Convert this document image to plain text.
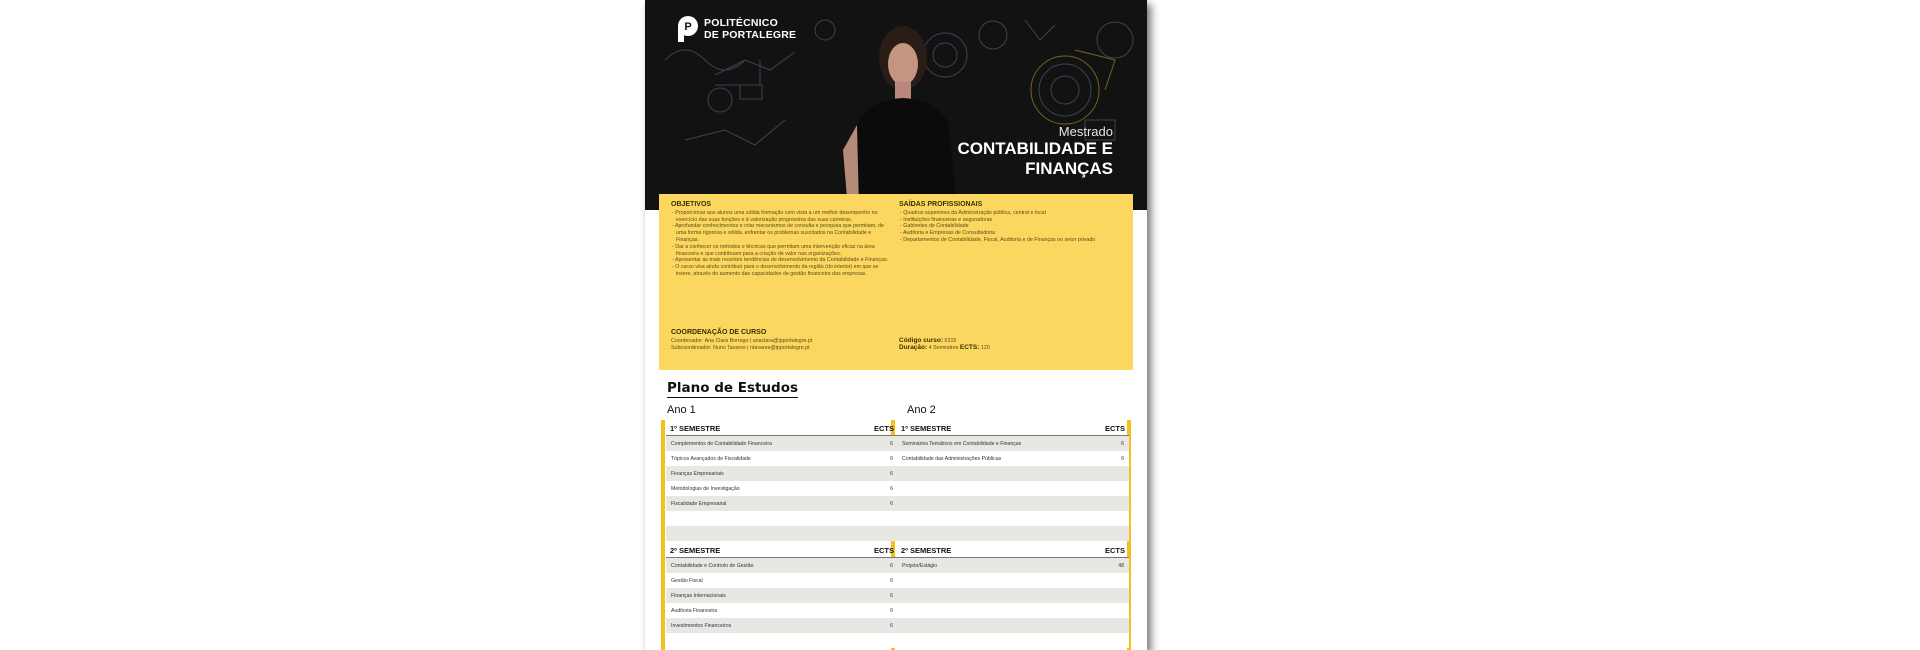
P POLITÉCNICO
DE PORTALEGRE
Mestrado
CONTABILIDADE E
FINANÇAS
OBJETIVOS
- Proporcionar aos alunos uma sólida formação com vista a um melhor desempenho no exercício das suas funções e à valorização progressiva das suas carreiras.
- Aprofundar conhecimentos e criar mecanismos de consulta e pesquisa que permitam, de uma forma rigorosa e sólida, enfrentar os problemas suscitados na Contabilidade e Finanças.
- Dar a conhecer os métodos e técnicas que permitam uma intervenção eficaz na área financeira e que contribuam para a criação de valor nas organizações.
- Apresentar as mais recentes tendências de desenvolvimento da Contabilidade e Finanças.
- O curso visa ainda contribuir para o desenvolvimento da região (do interior) em que se insere, através do aumento das capacidades de gestão financeira das empresas.
SAÍDAS PROFISSIONAIS
- Quadros superiores da Administração pública, central e local
- Instituições financeiras e seguradoras
- Gabinetes de Contabilidade
- Auditoria e Empresas de Consultadoria
- Departamentos de Contabilidade, Fiscal, Auditoria e de Finanças no setor privado
COORDENAÇÃO DE CURSO
Coordenador: Ana Clara Borrego | anaclara@ipportalegre.pt
Subcoordenador: Nuno Tavares | ntavares@ipportalegre.pt
Código curso: 6315
Duração: 4 Semestres ECTS: 120
Plano de Estudos
Ano 1	Ano 2
1º SEMESTRE	ECTS
Complementos de Contabilidade Financeira	6
Tópicos Avançados de Fiscalidade	6
Finanças Empresariais	6
Metodologias de Investigação	6
Fiscalidade Empresarial	6
2º SEMESTRE	ECTS
Contabilidade e Controlo de Gestão	6
Gestão Fiscal	6
Finanças Internacionais	6
Auditoria Financeira	6
Investimentos Financeiros	6
1º SEMESTRE	ECTS
Seminários Temáticos em Contabilidade e Finanças	6
Contabilidade das Administrações Públicas	6
2º SEMESTRE	ECTS
Projeto/Estágio	48
